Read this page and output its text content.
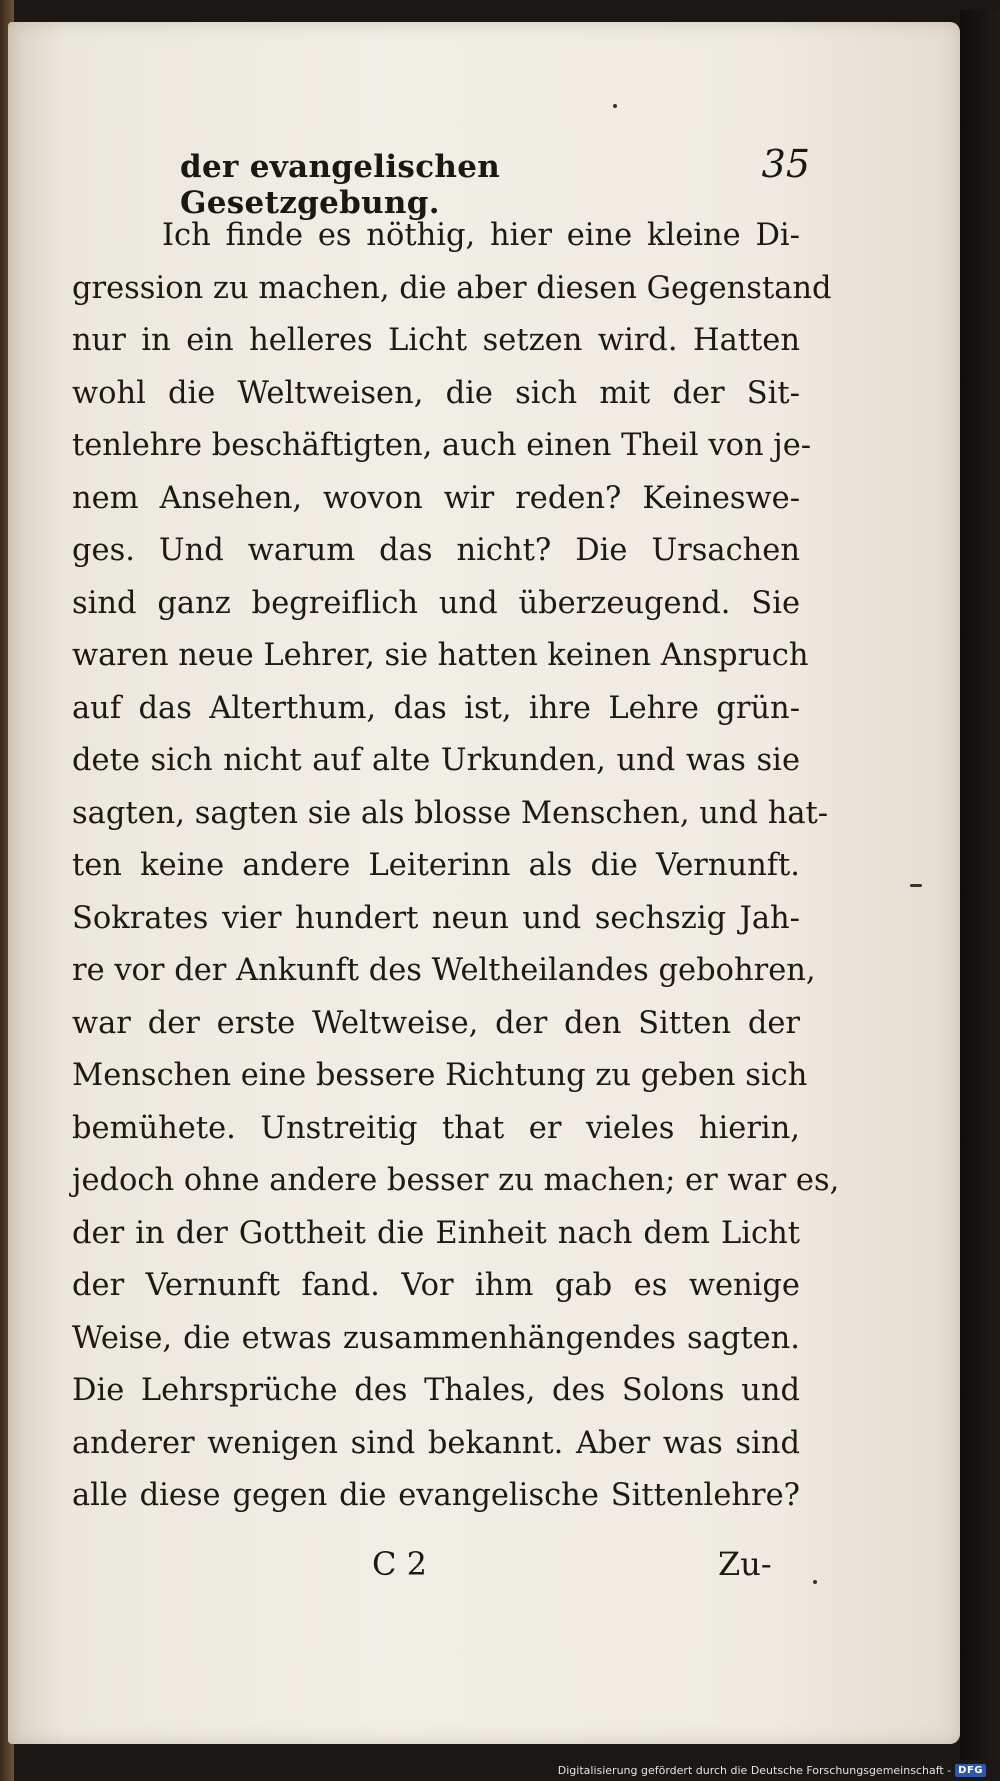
der evangelischen Gesetzgebung.
35
Ich finde es nöthig, hier eine kleine Di-
gression zu machen, die aber diesen Gegenstand
nur in ein helleres Licht setzen wird. Hatten
wohl die Weltweisen, die sich mit der Sit-
tenlehre beschäftigten, auch einen Theil von je-
nem Ansehen, wovon wir reden? Keineswe-
ges. Und warum das nicht? Die Ursachen
sind ganz begreiflich und überzeugend. Sie
waren neue Lehrer, sie hatten keinen Anspruch
auf das Alterthum, das ist, ihre Lehre grün-
dete sich nicht auf alte Urkunden, und was sie
sagten, sagten sie als blosse Menschen, und hat-
ten keine andere Leiterinn als die Vernunft.
Sokrates vier hundert neun und sechszig Jah-
re vor der Ankunft des Weltheilandes gebohren,
war der erste Weltweise, der den Sitten der
Menschen eine bessere Richtung zu geben sich
bemühete. Unstreitig that er vieles hierin,
jedoch ohne andere besser zu machen; er war es,
der in der Gottheit die Einheit nach dem Licht
der Vernunft fand. Vor ihm gab es wenige
Weise, die etwas zusammenhängendes sagten.
Die Lehrsprüche des Thales, des Solons und
anderer wenigen sind bekannt. Aber was sind
alle diese gegen die evangelische Sittenlehre?
C 2	Zu-
Digitalisierung gefördert durch die Deutsche Forschungsgemeinschaft - DFG
